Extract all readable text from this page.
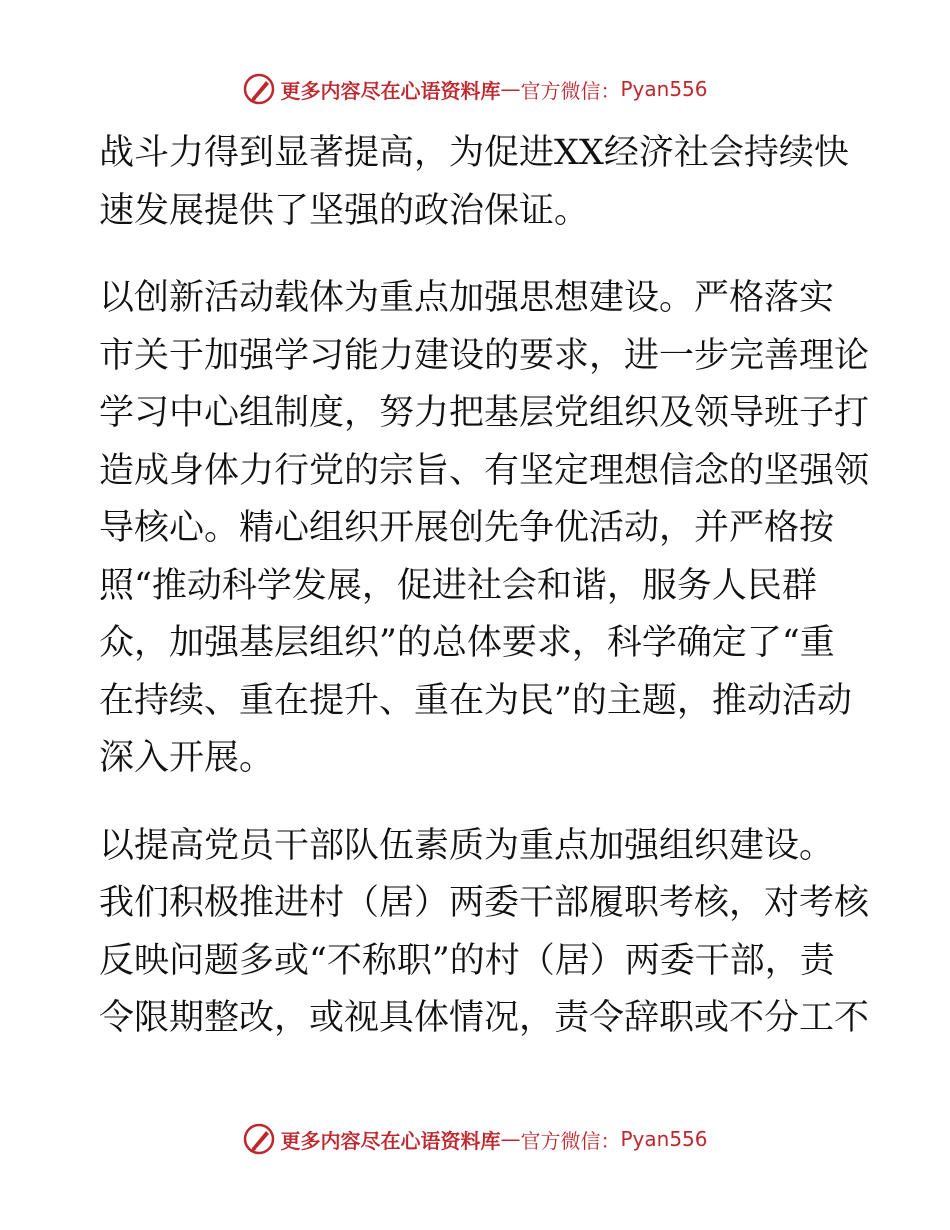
更多内容尽在心语资料库 — 官方微信： Pyan556
战斗力得到显著提高，为促进XX经济社会持续快
速发展提供了坚强的政治保证。
以创新活动载体为重点加强思想建设。严格落实
市关于加强学习能力建设的要求，进一步完善理论
学习中心组制度，努力把基层党组织及领导班子打
造成身体力行党的宗旨、有坚定理想信念的坚强领
导核心。精心组织开展创先争优活动，并严格按
照“推动科学发展，促进社会和谐，服务人民群
众，加强基层组织”的总体要求，科学确定了“重
在持续、重在提升、重在为民”的主题，推动活动
深入开展。
以提高党员干部队伍素质为重点加强组织建设。
我们积极推进村（居）两委干部履职考核，对考核
反映问题多或“不称职”的村（居）两委干部，责
令限期整改，或视具体情况，责令辞职或不分工不
更多内容尽在心语资料库 — 官方微信： Pyan556
